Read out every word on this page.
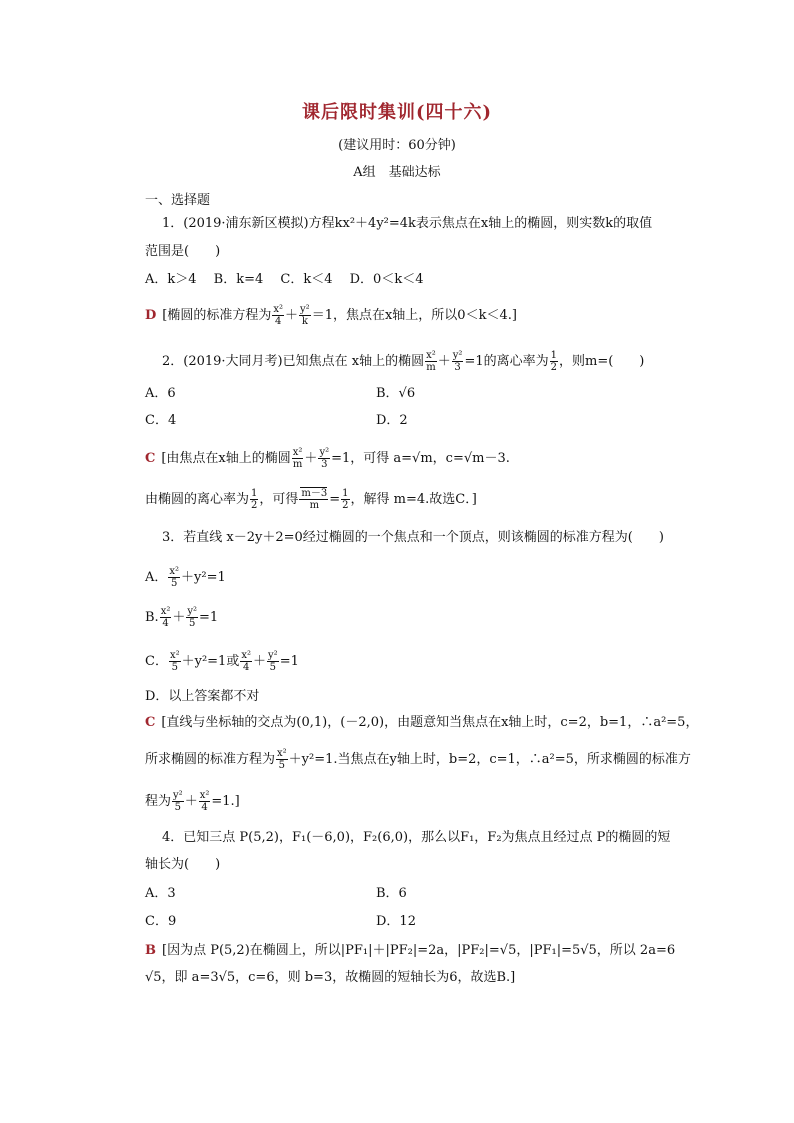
课后限时集训(四十六)
(建议用时：60分钟)
A组　基础达标
一、选择题
1．(2019·浦东新区模拟)方程kx²＋4y²=4k表示焦点在x轴上的椭圆，则实数k的取值
范围是(　　)
A．k＞4　 B．k=4　 C．k＜4　 D．0＜k＜4
D [椭圆的标准方程为 $\frac{\text{x²}}{4} + \frac{\text{y²}}{k} =1$，焦点在x轴上，所以0＜k＜4.]
2．(2019·大同月考)已知焦点在 x轴上的椭圆 $\frac{\text{x²}}{m} + \frac{\text{y²}}{3} =1$的离心率为 $\frac{1}{2}$ ，则m=(　　)
A．6	B．√6
C．4	D．2
C [由焦点在x轴上的椭圆 $\frac{\text{x²}}{m} + \frac{\text{y²}}{3} =1$，可得 a=√m，c=√m－3.
由椭圆的离心率为 $\frac{1}{2}$ ，可得 $\frac{m-3}{m} = \frac{1}{2}$ ，解得 m=4.故选C．]
3．若直线 x－2y＋2=0经过椭圆的一个焦点和一个顶点，则该椭圆的标准方程为(　　)
A． $\frac{\text{x²}}{5} +y^2=1$
B. $\frac{\text{x²}}{4} + \frac{\text{y²}}{5} =1$
C． $\frac{\text{x²}}{5} +y^2=1$或 $\frac{\text{x²}}{4} + \frac{\text{y²}}{5} =1$
D．以上答案都不对
C [直线与坐标轴的交点为(0,1)，(－2,0)，由题意知当焦点在x轴上时，c=2，b=1，∴a²=5，
所求椭圆的标准方程为 $\frac{\text{x²}}{5} +y^2=1$.当焦点在y轴上时，b=2，c=1，∴a²=5，所求椭圆的标准方
程为 $\frac{\text{y²}}{5} + \frac{\text{x²}}{4} =1$.]
4．已知三点 P(5,2)，F₁(－6,0)，F₂(6,0)，那么以F₁，F₂为焦点且经过点 P的椭圆的短
轴长为(　　)
A．3	B．6
C．9	D．12
B [因为点 P(5,2)在椭圆上，所以|PF₁|＋|PF₂|=2a，|PF₂|=√5，|PF₁|=5√5，所以 2a=6
√5，即 a=3√5，c=6，则 b=3，故椭圆的短轴长为6，故选B.]
